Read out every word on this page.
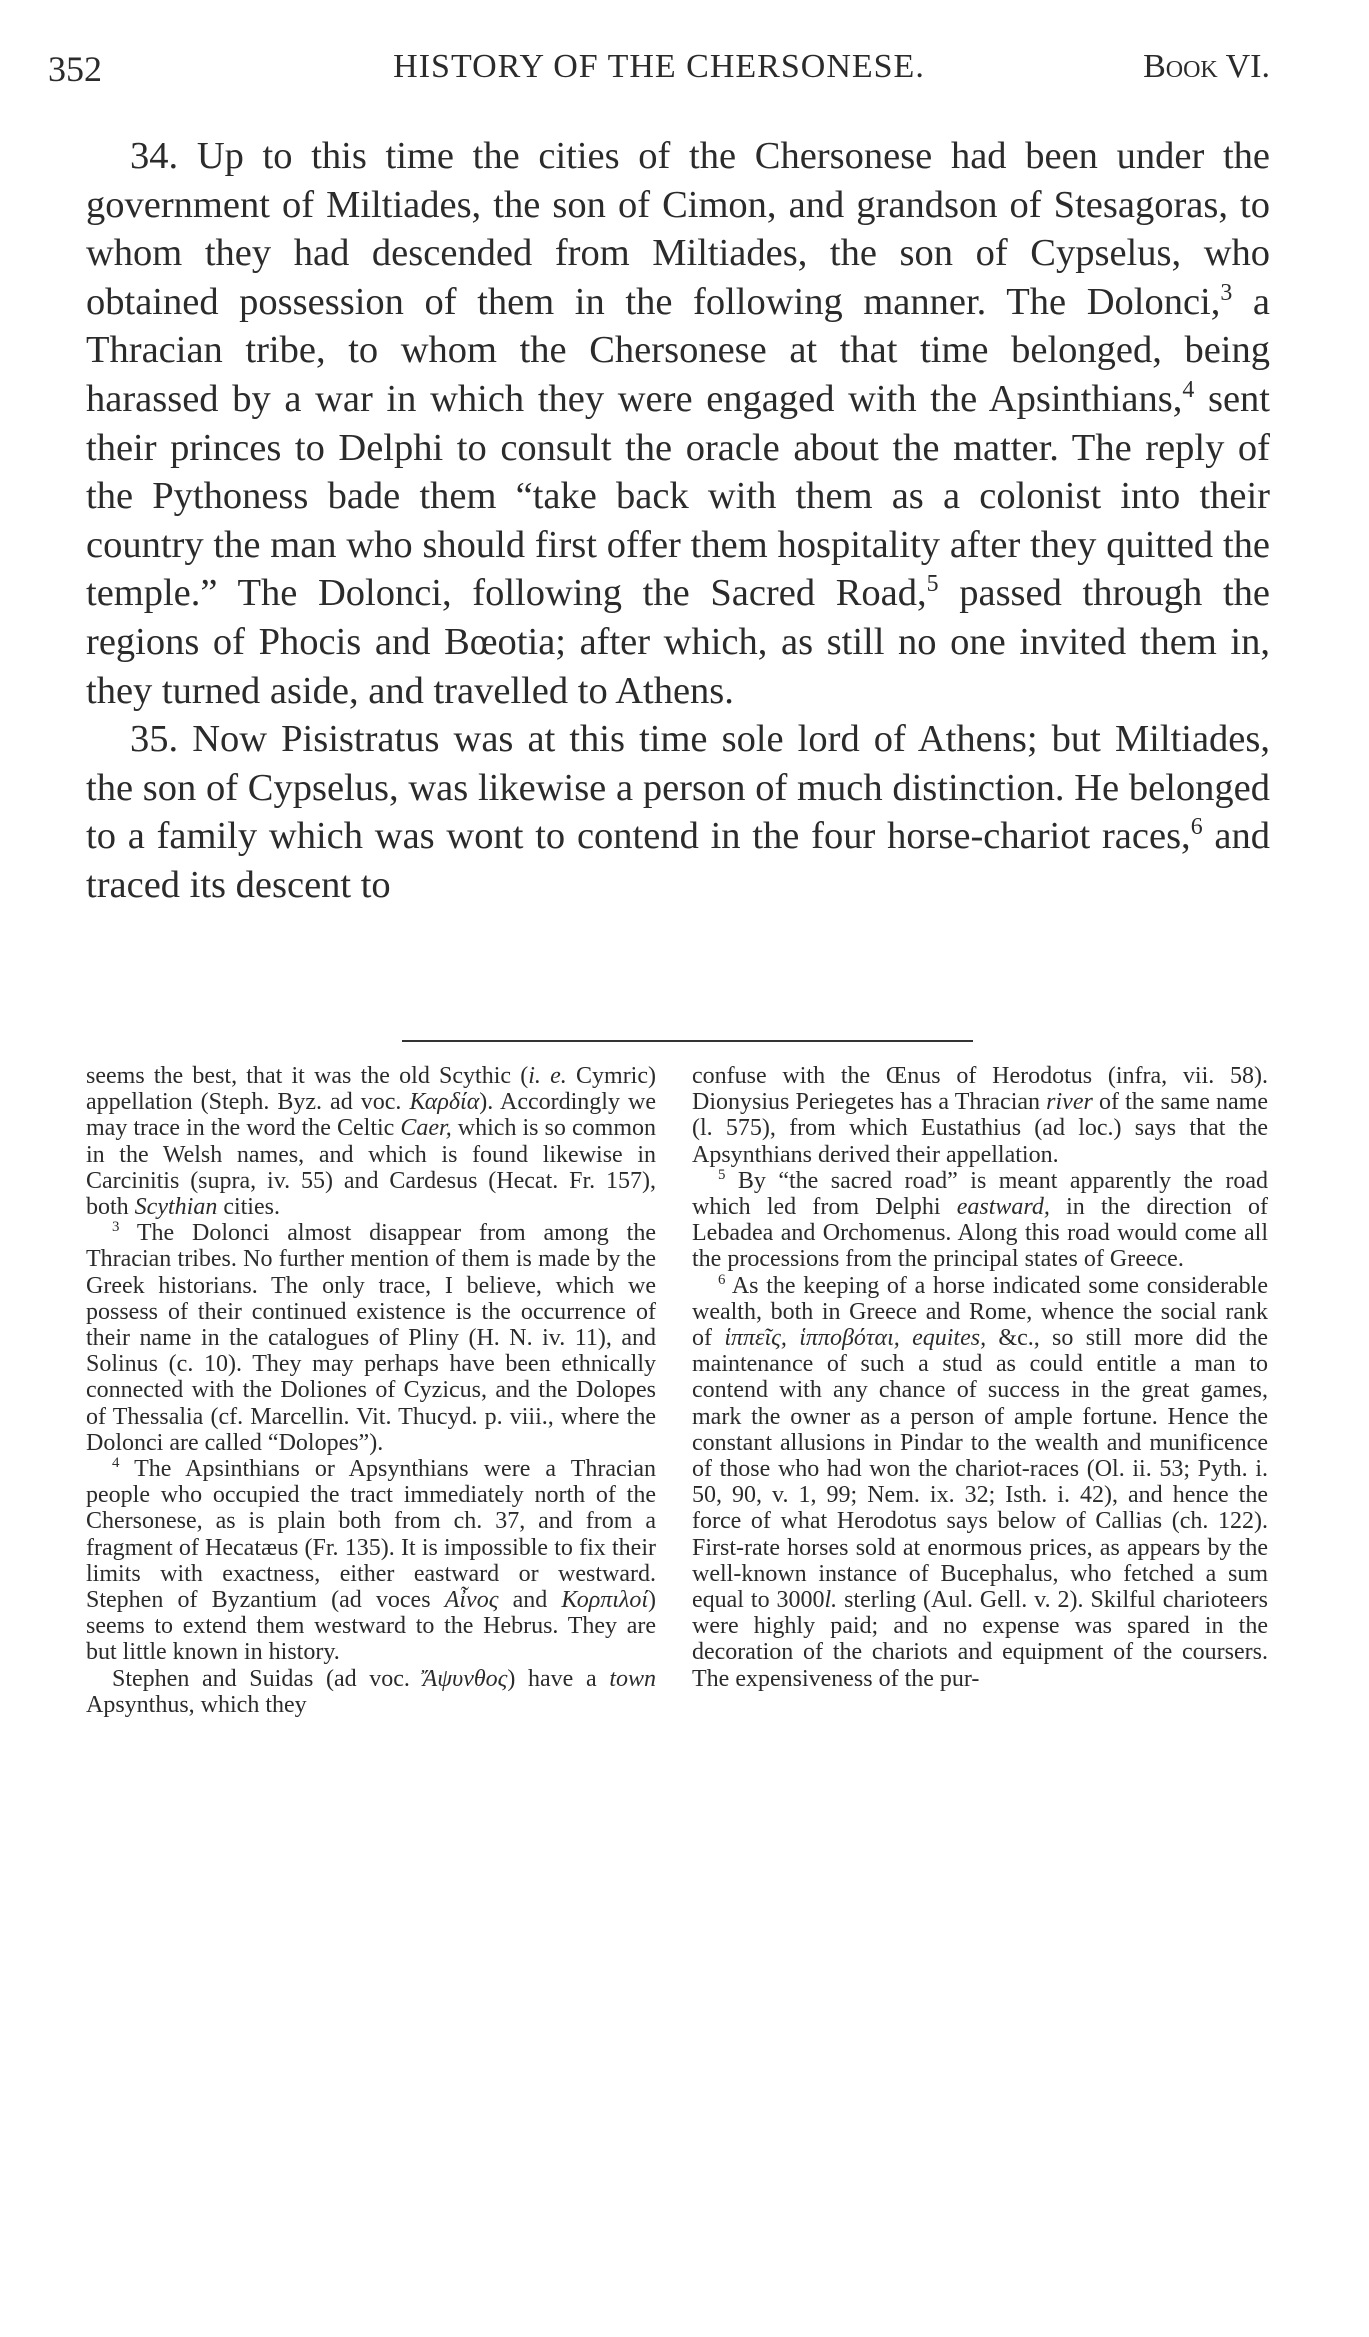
352	HISTORY OF THE CHERSONESE.	Book VI.

34. Up to this time the cities of the Chersonese had been under the government of Miltiades, the son of Cimon, and grandson of Stesagoras, to whom they had descended from Miltiades, the son of Cypselus, who obtained possession of them in the following manner. The Dolonci,$^3$ a Thracian tribe, to whom the Chersonese at that time belonged, being harassed by a war in which they were engaged with the Apsinthians,$^4$ sent their princes to Delphi to consult the oracle about the matter. The reply of the Pythoness bade them “take back with them as a colonist into their country the man who should first offer them hospitality after they quitted the temple.” The Dolonci, following the Sacred Road,$^5$ passed through the regions of Phocis and Bœotia; after which, as still no one invited them in, they turned aside, and travelled to Athens.

35. Now Pisistratus was at this time sole lord of Athens; but Miltiades, the son of Cypselus, was likewise a person of much distinction. He belonged to a family which was wont to contend in the four horse-chariot races,$^6$ and traced its descent to

seems the best, that it was the old Scythic (i. e. Cymric) appellation (Steph. Byz. ad voc. Καρδία). Accordingly we may trace in the word the Celtic Caer, which is so common in the Welsh names, and which is found likewise in Carcinitis (supra, iv. 55) and Cardesus (Hecat. Fr. 157), both Scythian cities.

$^3$ The Dolonci almost disappear from among the Thracian tribes. No further mention of them is made by the Greek historians. The only trace, I believe, which we possess of their continued existence is the occurrence of their name in the catalogues of Pliny (H. N. iv. 11), and Solinus (c. 10). They may perhaps have been ethnically connected with the Doliones of Cyzicus, and the Dolopes of Thessalia (cf. Marcellin. Vit. Thucyd. p. viii., where the Dolonci are called “Dolopes”).

$^4$ The Apsinthians or Apsynthians were a Thracian people who occupied the tract immediately north of the Chersonese, as is plain both from ch. 37, and from a fragment of Hecatæus (Fr. 135). It is impossible to fix their limits with exactness, either eastward or westward. Stephen of Byzantium (ad voces Αἶνος and Κορπιλοί) seems to extend them westward to the Hebrus. They are but little known in history.

Stephen and Suidas (ad voc. Ἄψυνθος) have a town Apsynthus, which they

confuse with the Œnus of Herodotus (infra, vii. 58). Dionysius Periegetes has a Thracian river of the same name (l. 575), from which Eustathius (ad loc.) says that the Apsynthians derived their appellation.

$^5$ By “the sacred road” is meant apparently the road which led from Delphi eastward, in the direction of Lebadea and Orchomenus. Along this road would come all the processions from the principal states of Greece.

$^6$ As the keeping of a horse indicated some considerable wealth, both in Greece and Rome, whence the social rank of ἱππεῖς, ἱπποβόται, equites, &c., so still more did the maintenance of such a stud as could entitle a man to contend with any chance of success in the great games, mark the owner as a person of ample fortune. Hence the constant allusions in Pindar to the wealth and munificence of those who had won the chariot-races (Ol. ii. 53; Pyth. i. 50, 90, v. 1, 99; Nem. ix. 32; Isth. i. 42), and hence the force of what Herodotus says below of Callias (ch. 122). First-rate horses sold at enormous prices, as appears by the well-known instance of Bucephalus, who fetched a sum equal to 3000l. sterling (Aul. Gell. v. 2). Skilful charioteers were highly paid; and no expense was spared in the decoration of the chariots and equipment of the coursers. The expensiveness of the pur-
